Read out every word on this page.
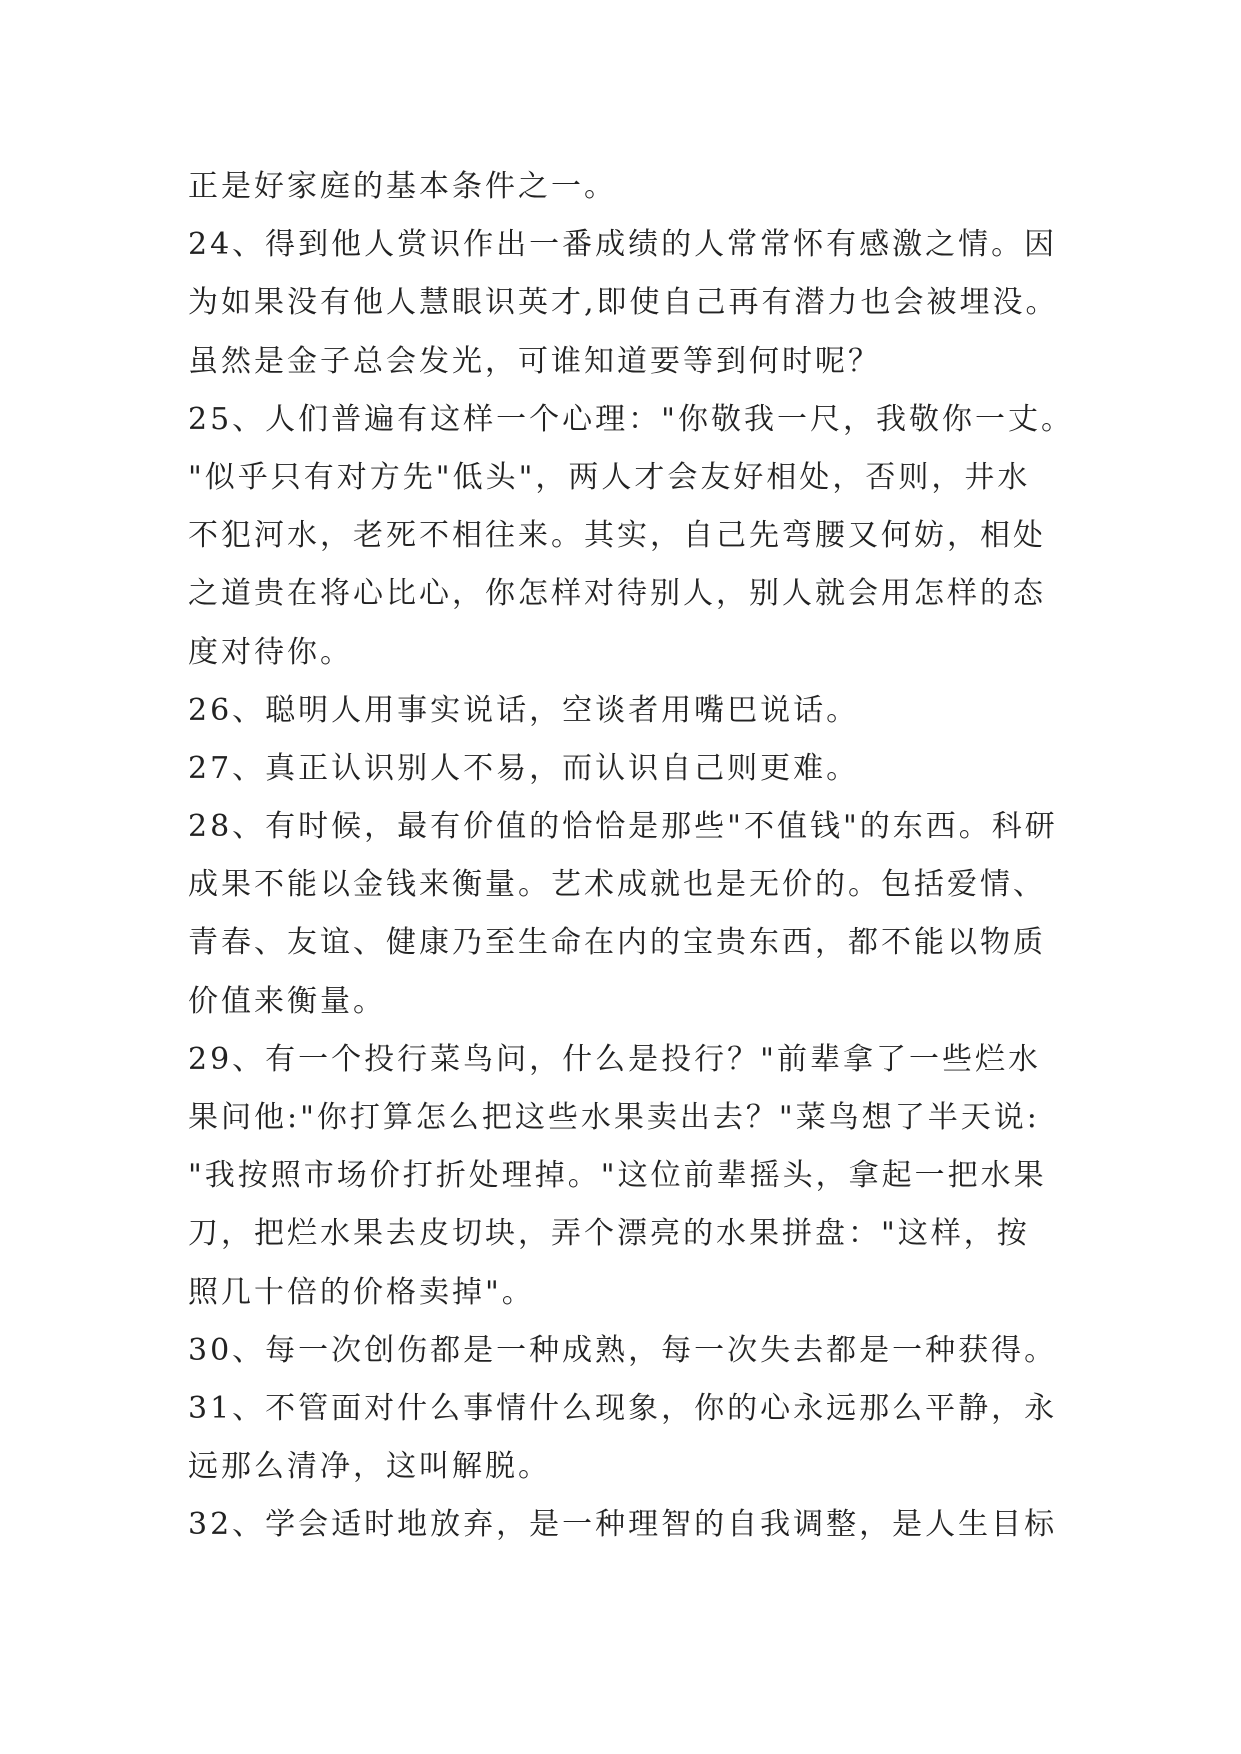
正是好家庭的基本条件之一。
24、得到他人赏识作出一番成绩的人常常怀有感激之情。因
为如果没有他人慧眼识英才,即使自己再有潜力也会被埋没。
虽然是金子总会发光，可谁知道要等到何时呢？
25、人们普遍有这样一个心理："你敬我一尺，我敬你一丈。
"似乎只有对方先"低头"，两人才会友好相处，否则，井水
不犯河水，老死不相往来。其实，自己先弯腰又何妨，相处
之道贵在将心比心，你怎样对待别人，别人就会用怎样的态
度对待你。
26、聪明人用事实说话，空谈者用嘴巴说话。
27、真正认识别人不易，而认识自己则更难。
28、有时候，最有价值的恰恰是那些"不值钱"的东西。科研
成果不能以金钱来衡量。艺术成就也是无价的。包括爱情、
青春、友谊、健康乃至生命在内的宝贵东西，都不能以物质
价值来衡量。
29、有一个投行菜鸟问，什么是投行？"前辈拿了一些烂水
果问他:"你打算怎么把这些水果卖出去？"菜鸟想了半天说:
"我按照市场价打折处理掉。"这位前辈摇头，拿起一把水果
刀，把烂水果去皮切块，弄个漂亮的水果拼盘："这样，按
照几十倍的价格卖掉"。
30、每一次创伤都是一种成熟，每一次失去都是一种获得。
31、不管面对什么事情什么现象，你的心永远那么平静，永
远那么清净，这叫解脱。
32、学会适时地放弃，是一种理智的自我调整，是人生目标
